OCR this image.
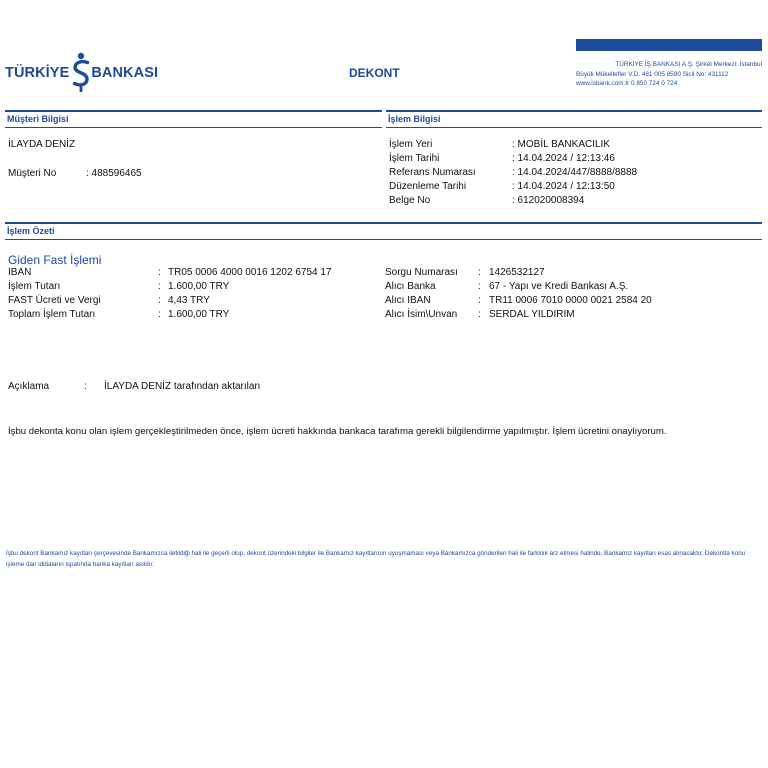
TÜRKİYE BANKASI	DEKONT
TÜRKİYE İŞ BANKASI A.Ş. Şirket Merkezi: İstanbul
Büyük Mükellefler V.D. 481 005 8590 Sicil No: 431112
www.isbank.com.tr 0 850 724 0 724
Müşteri Bilgisi
İLAYDA DENİZ
Müşteri No	: 488596465
İşlem Bilgisi
İşlem Yeri	: MOBİL BANKACILIK
İşlem Tarihi	: 14.04.2024 / 12:13:46
Referans Numarası	: 14.04.2024/447/8888/8888
Düzenleme Tarihi	: 14.04.2024 / 12:13:50
Belge No	: 612020008394
İşlem Özeti
Giden Fast İşlemi
IBAN	: TR05 0006 4000 0016 1202 6754 17
İşlem Tutarı	: 1.600,00 TRY
FAST Ücreti ve Vergi	: 4,43 TRY
Toplam İşlem Tutarı	: 1.600,00 TRY
Sorgu Numarası : 1426532127
Alıcı Banka	: 67 - Yapı ve Kredi Bankası A.Ş.
Alıcı IBAN	: TR11 0006 7010 0000 0021 2584 20
Alıcı İsim\Unvan : SERDAL YILDIRIM
Açıklama	: İLAYDA DENİZ tarafından aktarılan
İşbu dekonta konu olan işlem gerçekleştirilmeden önce, işlem ücreti hakkında bankaca tarafıma gerekli bilgilendirme yapılmıştır. İşlem ücretini onaylıyorum.
İşbu dekont Bankamız kayıtları çerçevesinde Bankamızca iletildiği hali ile geçerli olup, dekont üzerindeki bilgiler ile Bankamız kayıtlarının uyuşmaması veya Bankamızca gönderilen hali ile farklılık arz etmesi halinde, Bankamız kayıtları esas alınacaktır. Dekontla konu işleme dair iddiaların ispatında banka kayıtları asıldır.
